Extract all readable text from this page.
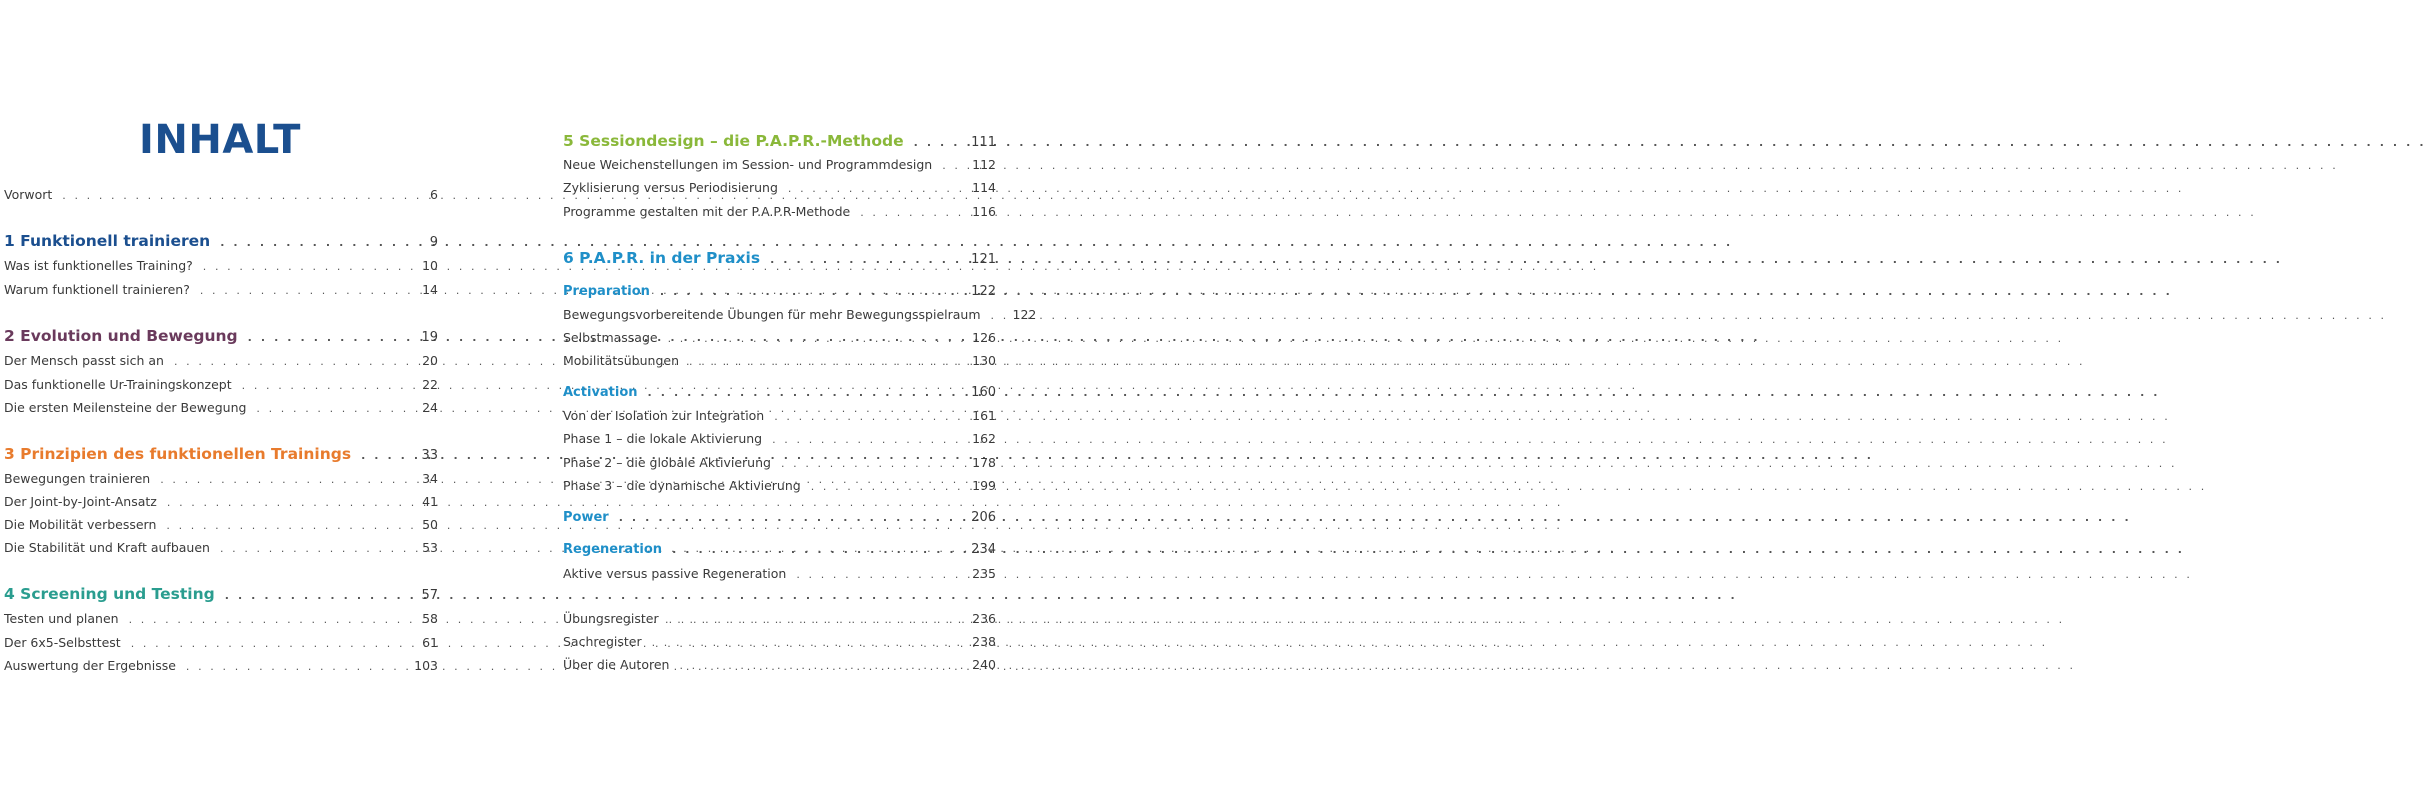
INHALT
Vorwort . . .	6
1 Funktionell trainieren . . .	9
Was ist funktionelles Training? . . .	10
Warum funktionell trainieren? . . .	14
2 Evolution und Bewegung . . .	19
Der Mensch passt sich an . . .	20
Das funktionelle Ur-Trainingskonzept . . .	22
Die ersten Meilensteine der Bewegung . . .	24
3 Prinzipien des funktionellen Trainings . . .	33
Bewegungen trainieren . . .	34
Der Joint-by-Joint-Ansatz . . .	41
Die Mobilität verbessern . . .	50
Die Stabilität und Kraft aufbauen . . .	53
4 Screening und Testing . . .	57
Testen und planen . . .	58
Der 6x5-Selbsttest . . .	61
Auswertung der Ergebnisse . . .	103
5 Sessiondesign – die P.A.P.R.-Methode . . .	111
Neue Weichenstellungen im Session- und Programmdesign . . .	112
Zyklisierung versus Periodisierung . . .	114
Programme gestalten mit der P.A.P.R-Methode . . .	116
6 P.A.P.R. in der Praxis . . .	121
Preparation . . .	122
Bewegungsvorbereitende Übungen für mehr Bewegungsspielraum . . .	122
Selbstmassage . . .	126
Mobilitätsübungen . . .	130
Activation . . .	160
Von der Isolation zur Integration . . .	161
Phase 1 – die lokale Aktivierung . . .	162
Phase 2 – die globale Aktivierung . . .	178
Phase 3 – die dynamische Aktivierung . . .	199
Power . . .	206
Regeneration . . .	234
Aktive versus passive Regeneration . . .	235
Übungsregister . . .	236
Sachregister . . .	238
Über die Autoren . . .	240
